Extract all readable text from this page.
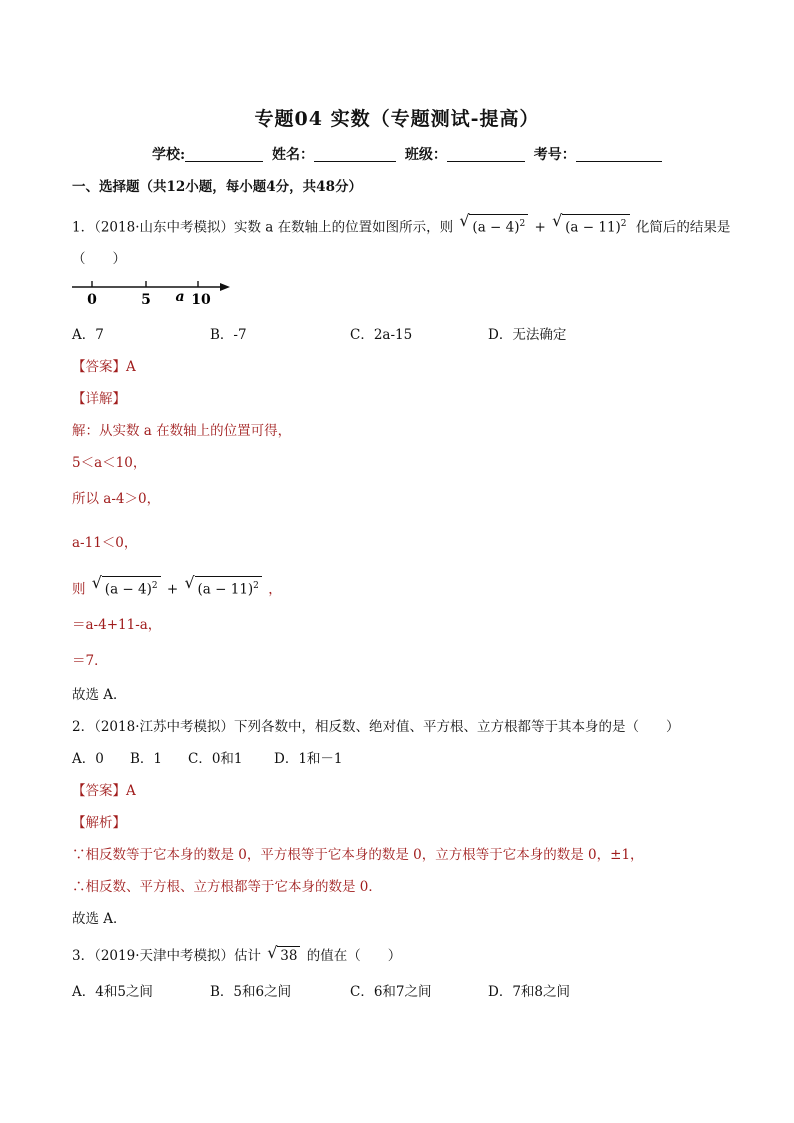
专题04 实数（专题测试-提高）
学校:	姓名：	班级：	考号：
一、选择题（共12小题，每小题4分，共48分）
1．（2018·山东中考模拟）实数 a 在数轴上的位置如图所示，则 √ $(a - 4)^2$ + √ $(a - 11)^2$ 化简后的结果是
（　　）
0	5 a 10
A．7	B．-7	C．2a-15	D．无法确定
【答案】A
【详解】
解：从实数 a 在数轴上的位置可得，
5＜a＜10，
所以 a-4＞0，
a-11＜0，
则 √ $(a - 4)^2$ + √ $(a - 11)^2$ ，
＝a-4+11-a，
＝7．
故选 A．
2．（2018·江苏中考模拟）下列各数中，相反数、绝对值、平方根、立方根都等于其本身的是（　　）
A．0 B．1 C．0和1 D．1和－1
【答案】A
【解析】
∵相反数等于它本身的数是 0，平方根等于它本身的数是 0，立方根等于它本身的数是 0，±1，
∴相反数、平方根、立方根都等于它本身的数是 0．
故选 A．
3．（2019·天津中考模拟）估计 √ 38 的值在（　　）
A．4和5之间	B．5和6之间	C．6和7之间	D．7和8之间
